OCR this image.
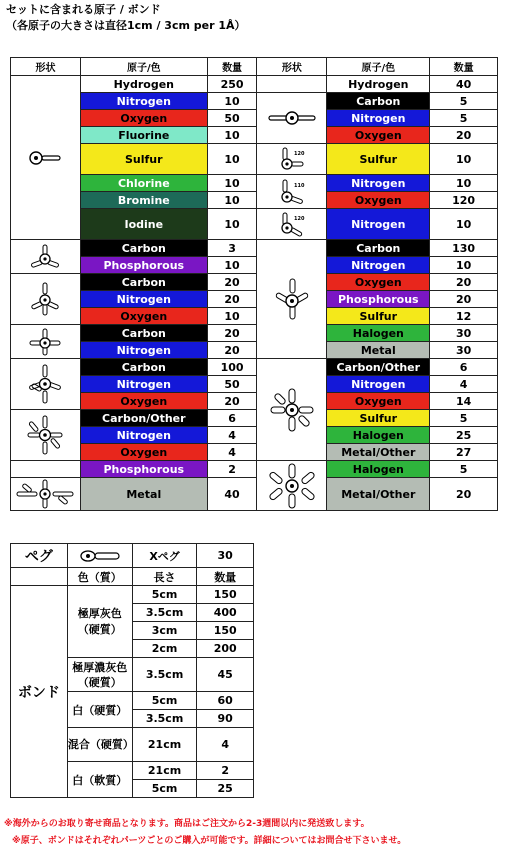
セットに含まれる原子 / ボンド
（各原子の大きさは直径1cm / 3cm per 1Å）
形状	原子/色	数量	形状	原子/色	数量

	Hydrogen	250		Hydrogen	40
	Nitrogen	10		Carbon	5
	Oxygen	50		Nitrogen	5
	Fluorine	10		Oxygen	20
	Sulfur	10	120	Sulfur	10
	Chlorine	10	110	Nitrogen	10
	Bromine	10		Oxygen	120
	Iodine	10	120	Nitrogen	10

	Carbon	3		Carbon	130
	Phosphorous	10		Nitrogen	10

	Carbon	20		Oxygen	20
	Nitrogen	20		Phosphorous	20
	Oxygen	10		Sulfur	12

	Carbon	20		Halogen	30
	Nitrogen	20		Metal	30

	Carbon	100		Carbon/Other	6
	Nitrogen	50		Nitrogen	4
	Oxygen	20		Oxygen	14

	Carbon/Other	6		Sulfur	5
	Nitrogen	4		Halogen	25
	Oxygen	4		Metal/Other	27
	Phosphorous	2		Halogen	5

	Metal	40		Metal/Other	20
ペグ		Xペグ	30
	色（質）	長さ	数量
ボンド	極厚灰色（硬質）	5cm	150
		3.5cm	400
		3cm	150
		2cm	200
	極厚濃灰色（硬質）	3.5cm	45
	白（硬質）	5cm	60
		3.5cm	90
	混合（硬質）	21cm	4
	白（軟質）	21cm	2
		5cm	25
※海外からのお取り寄せ商品となります。商品はご注文から2-3週間以内に発送致します。
※原子、ボンドはそれぞれパーツごとのご購入が可能です。詳細についてはお問合せ下さいませ。
